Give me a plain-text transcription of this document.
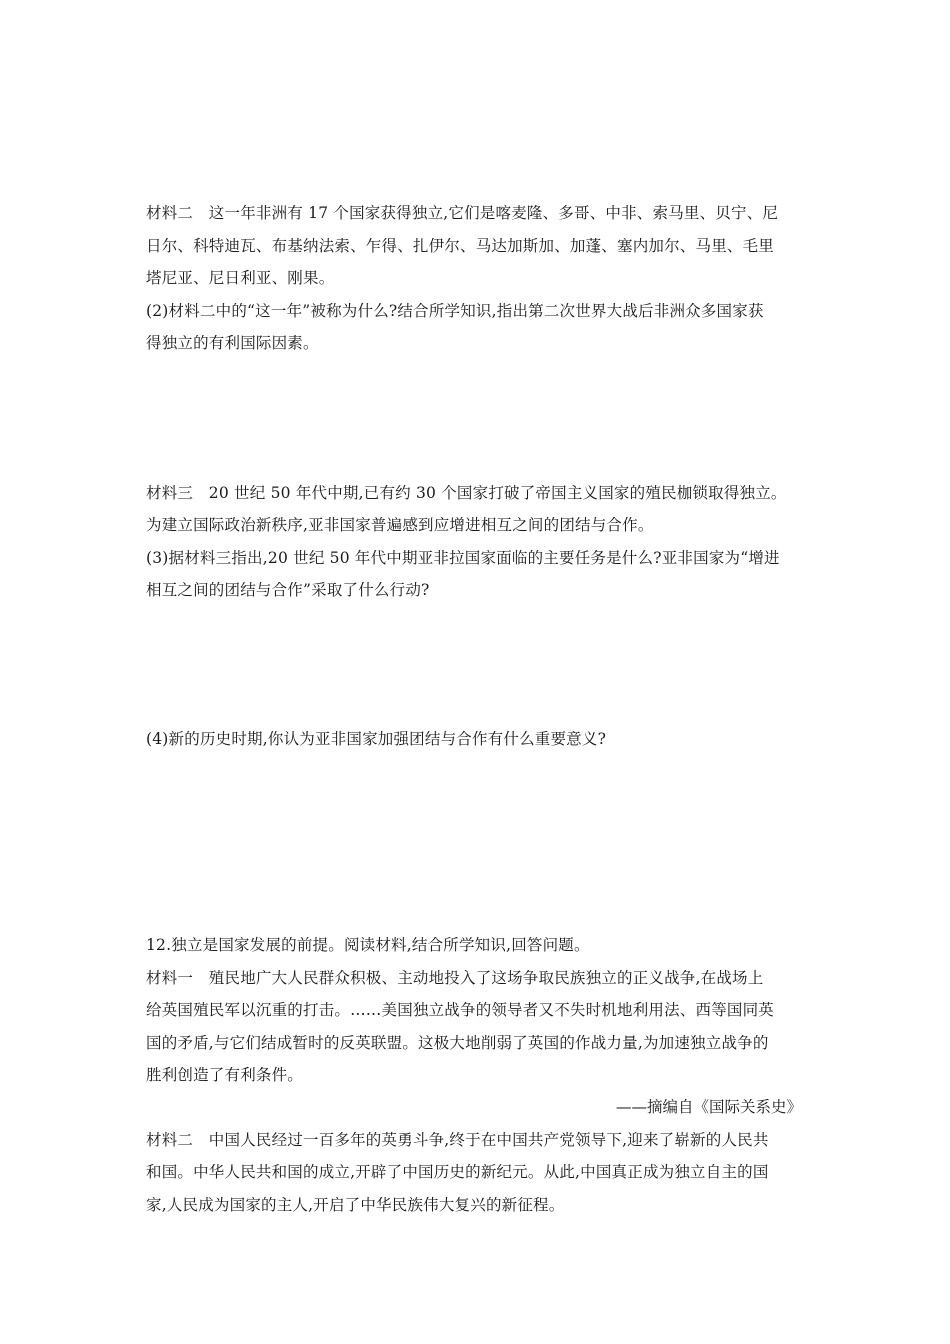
材料二　这一年非洲有 17 个国家获得独立,它们是喀麦隆、多哥、中非、索马里、贝宁、尼
日尔、科特迪瓦、布基纳法索、乍得、扎伊尔、马达加斯加、加蓬、塞内加尔、马里、毛里
塔尼亚、尼日利亚、刚果。
(2)材料二中的“这一年”被称为什么?结合所学知识,指出第二次世界大战后非洲众多国家获
得独立的有利国际因素。
材料三　20 世纪 50 年代中期,已有约 30 个国家打破了帝国主义国家的殖民枷锁取得独立。
为建立国际政治新秩序,亚非国家普遍感到应增进相互之间的团结与合作。
(3)据材料三指出,20 世纪 50 年代中期亚非拉国家面临的主要任务是什么?亚非国家为“增进
相互之间的团结与合作”采取了什么行动?
(4)新的历史时期,你认为亚非国家加强团结与合作有什么重要意义?
12.独立是国家发展的前提。阅读材料,结合所学知识,回答问题。
材料一　殖民地广大人民群众积极、主动地投入了这场争取民族独立的正义战争,在战场上
给英国殖民军以沉重的打击。……美国独立战争的领导者又不失时机地利用法、西等国同英
国的矛盾,与它们结成暂时的反英联盟。这极大地削弱了英国的作战力量,为加速独立战争的
胜利创造了有利条件。
——摘编自《国际关系史》
材料二　中国人民经过一百多年的英勇斗争,终于在中国共产党领导下,迎来了崭新的人民共
和国。中华人民共和国的成立,开辟了中国历史的新纪元。从此,中国真正成为独立自主的国
家,人民成为国家的主人,开启了中华民族伟大复兴的新征程。
